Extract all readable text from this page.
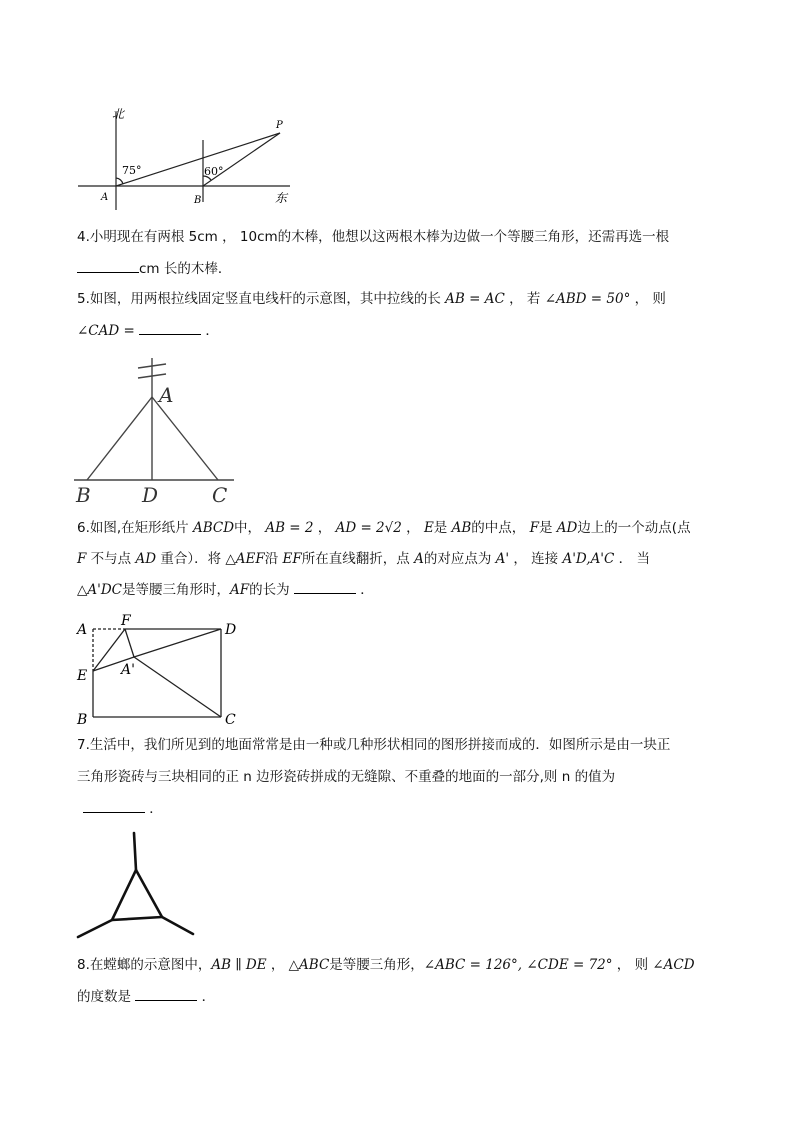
北
东
P
A	B
75°	60°
4.小明现在有两根 5cm ， 10cm的木棒，他想以这两根木棒为边做一个等腰三角形，还需再选一根
cm 长的木棒．
5.如图，用两根拉线固定竖直电线杆的示意图，其中拉线的长 AB = AC ， 若 ∠ABD = 50° ， 则
∠CAD =	．
A
B	D	C
6.如图,在矩形纸片 ABCD中， AB = 2 ， AD = 2√2 ， E是 AB的中点， F是 AD边上的一个动点(点
F 不与点 AD 重合）．将 △AEF沿 EF所在直线翻折，点 A的对应点为 A' ， 连接 A'D,A'C ． 当
△A'DC是等腰三角形时，AF的长为	．
A
F
D
E A'
B	C
7.生活中，我们所见到的地面常常是由一种或几种形状相同的图形拼接而成的．如图所示是由一块正
三角形瓷砖与三块相同的正 n 边形瓷砖拼成的无缝隙、不重叠的地面的一部分,则 n 的值为
．
8.在螳螂的示意图中，AB ∥ DE ， △ABC是等腰三角形，∠ABC = 126°, ∠CDE = 72° ， 则 ∠ACD
的度数是	．
